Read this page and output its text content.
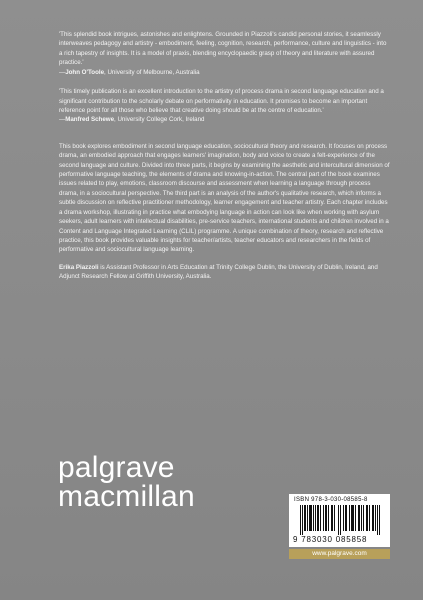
'This splendid book intrigues, astonishes and enlightens. Grounded in Piazzoli's candid personal stories, it seamlessly interweaves pedagogy and artistry - embodiment, feeling, cognition, research, performance, culture and linguistics - into a rich tapestry of insights. It is a model of praxis, blending encyclopaedic grasp of theory and literature with assured practice.'
—John O'Toole, University of Melbourne, Australia
'This timely publication is an excellent introduction to the artistry of process drama in second language education and a significant contribution to the scholarly debate on performativity in education. It promises to become an important reference point for all those who believe that creative doing should be at the centre of education.'
—Manfred Schewe, University College Cork, Ireland

This book explores embodiment in second language education, sociocultural theory and research. It focuses on process drama, an embodied approach that engages learners' imagination, body and voice to create a felt-experience of the second language and culture. Divided into three parts, it begins by examining the aesthetic and intercultural dimension of performative language teaching, the elements of drama and knowing-in-action. The central part of the book examines issues related to play, emotions, classroom discourse and assessment when learning a language through process drama, in a sociocultural perspective. The third part is an analysis of the author's qualitative research, which informs a subtle discussion on reflective practitioner methodology, learner engagement and teacher artistry. Each chapter includes a drama workshop, illustrating in practice what embodying language in action can look like when working with asylum seekers, adult learners with intellectual disabilities, pre-service teachers, international students and children involved in a Content and Language Integrated Learning (CLIL) programme. A unique combination of theory, research and reflective practice, this book provides valuable insights for teacher/artists, teacher educators and researchers in the fields of performative and sociocultural language learning.

Erika Piazzoli is Assistant Professor in Arts Education at Trinity College Dublin, the University of Dublin, Ireland, and Adjunct Research Fellow at Griffith University, Australia.

palgrave
macmillan	ISBN 978-3-030-08585-8
9 783030 085858
www.palgrave.com
